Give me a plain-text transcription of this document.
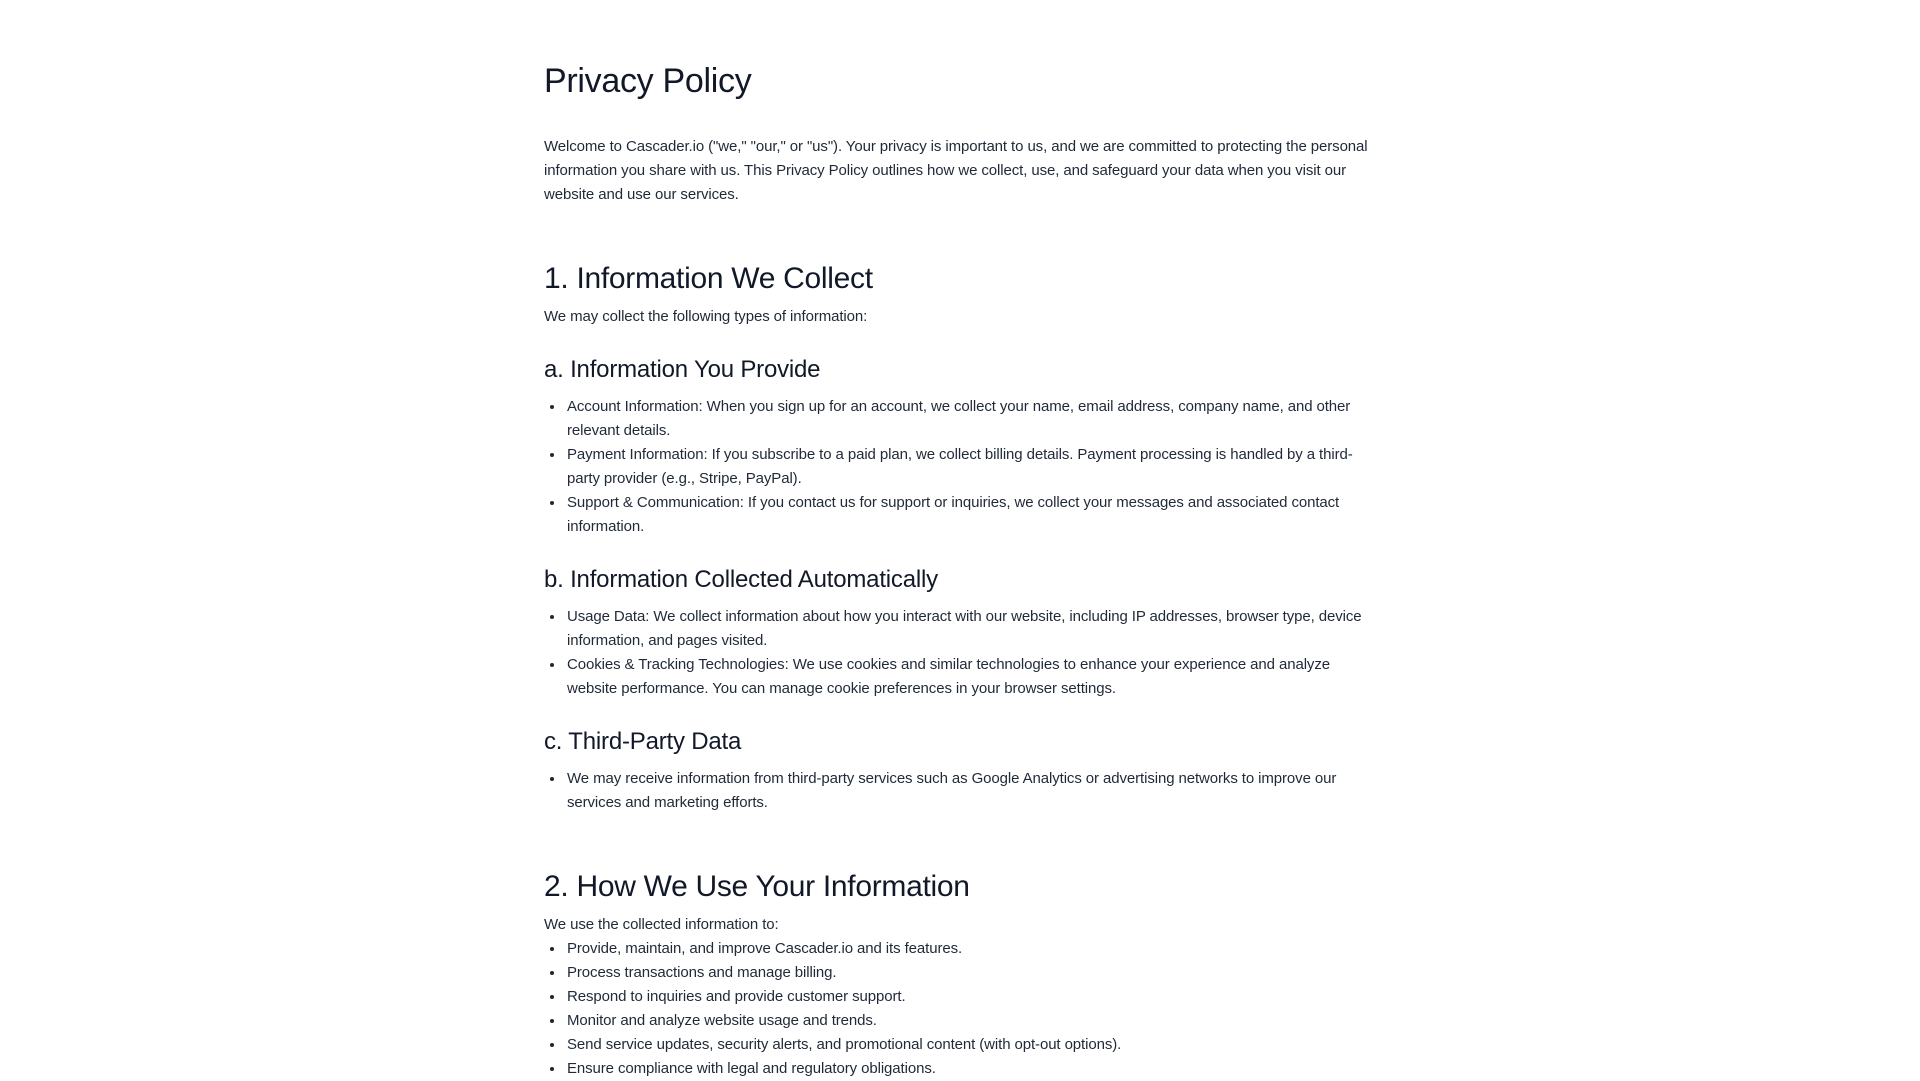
Privacy Policy

Welcome to Cascader.io ("we," "our," or "us"). Your privacy is important to us, and we are committed to protecting the personal information you share with us. This Privacy Policy outlines how we collect, use, and safeguard your data when you visit our website and use our services.

1. Information We Collect

We may collect the following types of information:

a. Information You Provide
• Account Information: When you sign up for an account, we collect your name, email address, company name, and other relevant details.
• Payment Information: If you subscribe to a paid plan, we collect billing details. Payment processing is handled by a third-party provider (e.g., Stripe, PayPal).
• Support & Communication: If you contact us for support or inquiries, we collect your messages and associated contact information.
b. Information Collected Automatically
• Usage Data: We collect information about how you interact with our website, including IP addresses, browser type, device information, and pages visited.
• Cookies & Tracking Technologies: We use cookies and similar technologies to enhance your experience and analyze website performance. You can manage cookie preferences in your browser settings.
c. Third-Party Data
• We may receive information from third-party services such as Google Analytics or advertising networks to improve our services and marketing efforts.
2. How We Use Your Information

We use the collected information to:

• Provide, maintain, and improve Cascader.io and its features.
• Process transactions and manage billing.
• Respond to inquiries and provide customer support.
• Monitor and analyze website usage and trends.
• Send service updates, security alerts, and promotional content (with opt-out options).
• Ensure compliance with legal and regulatory obligations.
